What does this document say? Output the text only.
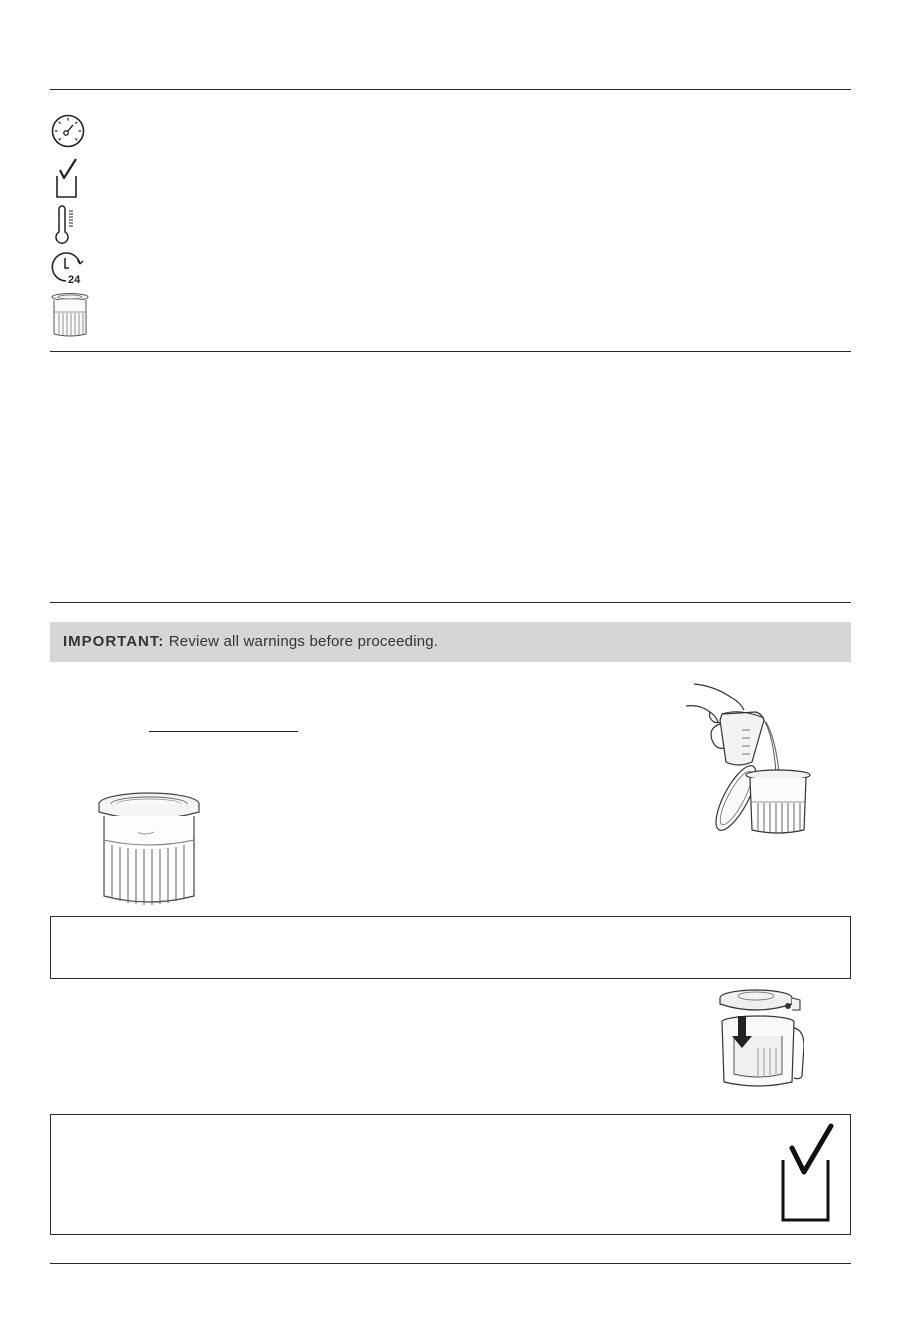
24
IMPORTANT: Review all warnings before proceeding.
